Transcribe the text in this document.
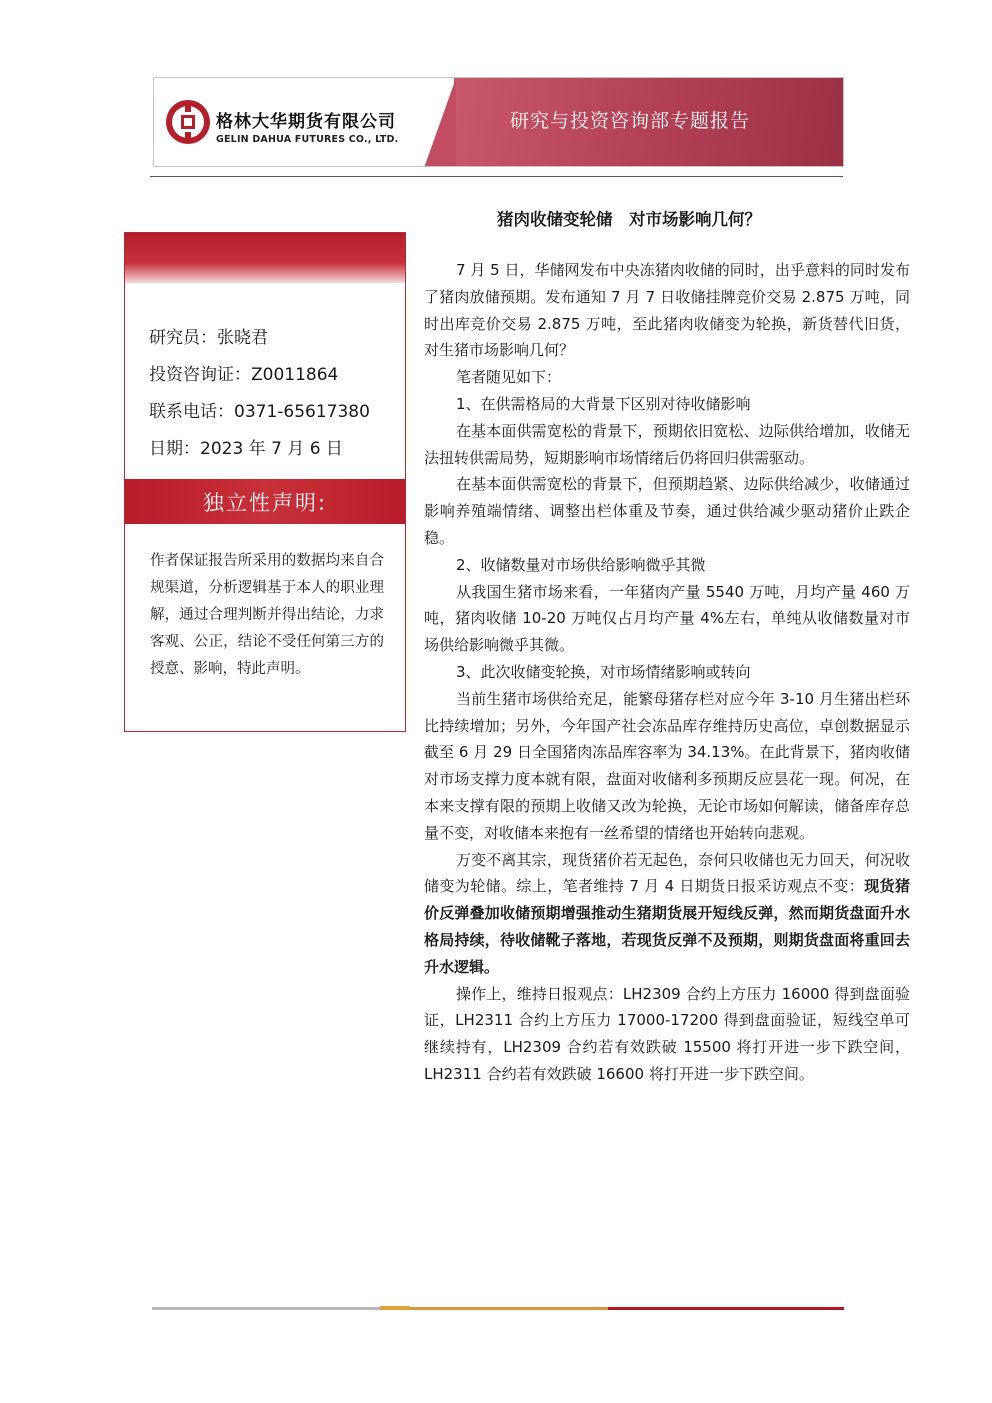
格林大华期货有限公司
GELIN DAHUA FUTURES CO., LTD.
研究与投资咨询部专题报告
猪肉收储变轮储　对市场影响几何？
研究员：张晓君
投资咨询证：Z0011864
联系电话：0371-65617380
日期：2023 年 7 月 6 日
独立性声明:
作者保证报告所采用的数据均来自合规渠道，分析逻辑基于本人的职业理解，通过合理判断并得出结论，力求客观、公正，结论不受任何第三方的授意、影响，特此声明。

7 月 5 日，华储网发布中央冻猪肉收储的同时，出乎意料的同时发布了猪肉放储预期。发布通知 7 月 7 日收储挂牌竞价交易 2.875 万吨，同时出库竞价交易 2.875 万吨，至此猪肉收储变为轮换，新货替代旧货，对生猪市场影响几何？

笔者随见如下：

1、在供需格局的大背景下区别对待收储影响

在基本面供需宽松的背景下，预期依旧宽松、边际供给增加，收储无法扭转供需局势，短期影响市场情绪后仍将回归供需驱动。

在基本面供需宽松的背景下，但预期趋紧、边际供给减少，收储通过影响养殖端情绪、调整出栏体重及节奏，通过供给减少驱动猪价止跌企稳。

2、收储数量对市场供给影响微乎其微

从我国生猪市场来看，一年猪肉产量 5540 万吨，月均产量 460 万吨，猪肉收储 10-20 万吨仅占月均产量 4%左右，单纯从收储数量对市场供给影响微乎其微。

3、此次收储变轮换，对市场情绪影响或转向

当前生猪市场供给充足，能繁母猪存栏对应今年 3-10 月生猪出栏环比持续增加；另外，今年国产社会冻品库存维持历史高位，卓创数据显示截至 6 月 29 日全国猪肉冻品库容率为 34.13%。在此背景下，猪肉收储对市场支撑力度本就有限，盘面对收储利多预期反应昙花一现。何况，在本来支撑有限的预期上收储又改为轮换，无论市场如何解读，储备库存总量不变，对收储本来抱有一丝希望的情绪也开始转向悲观。

万变不离其宗，现货猪价若无起色，奈何只收储也无力回天，何况收储变为轮储。综上，笔者维持 7 月 4 日期货日报采访观点不变：现货猪价反弹叠加收储预期增强推动生猪期货展开短线反弹，然而期货盘面升水格局持续，待收储靴子落地，若现货反弹不及预期，则期货盘面将重回去升水逻辑。

操作上，维持日报观点：LH2309 合约上方压力 16000 得到盘面验证，LH2311 合约上方压力 17000-17200 得到盘面验证，短线空单可继续持有，LH2309 合约若有效跌破 15500 将打开进一步下跌空间，LH2311 合约若有效跌破 16600 将打开进一步下跌空间。
